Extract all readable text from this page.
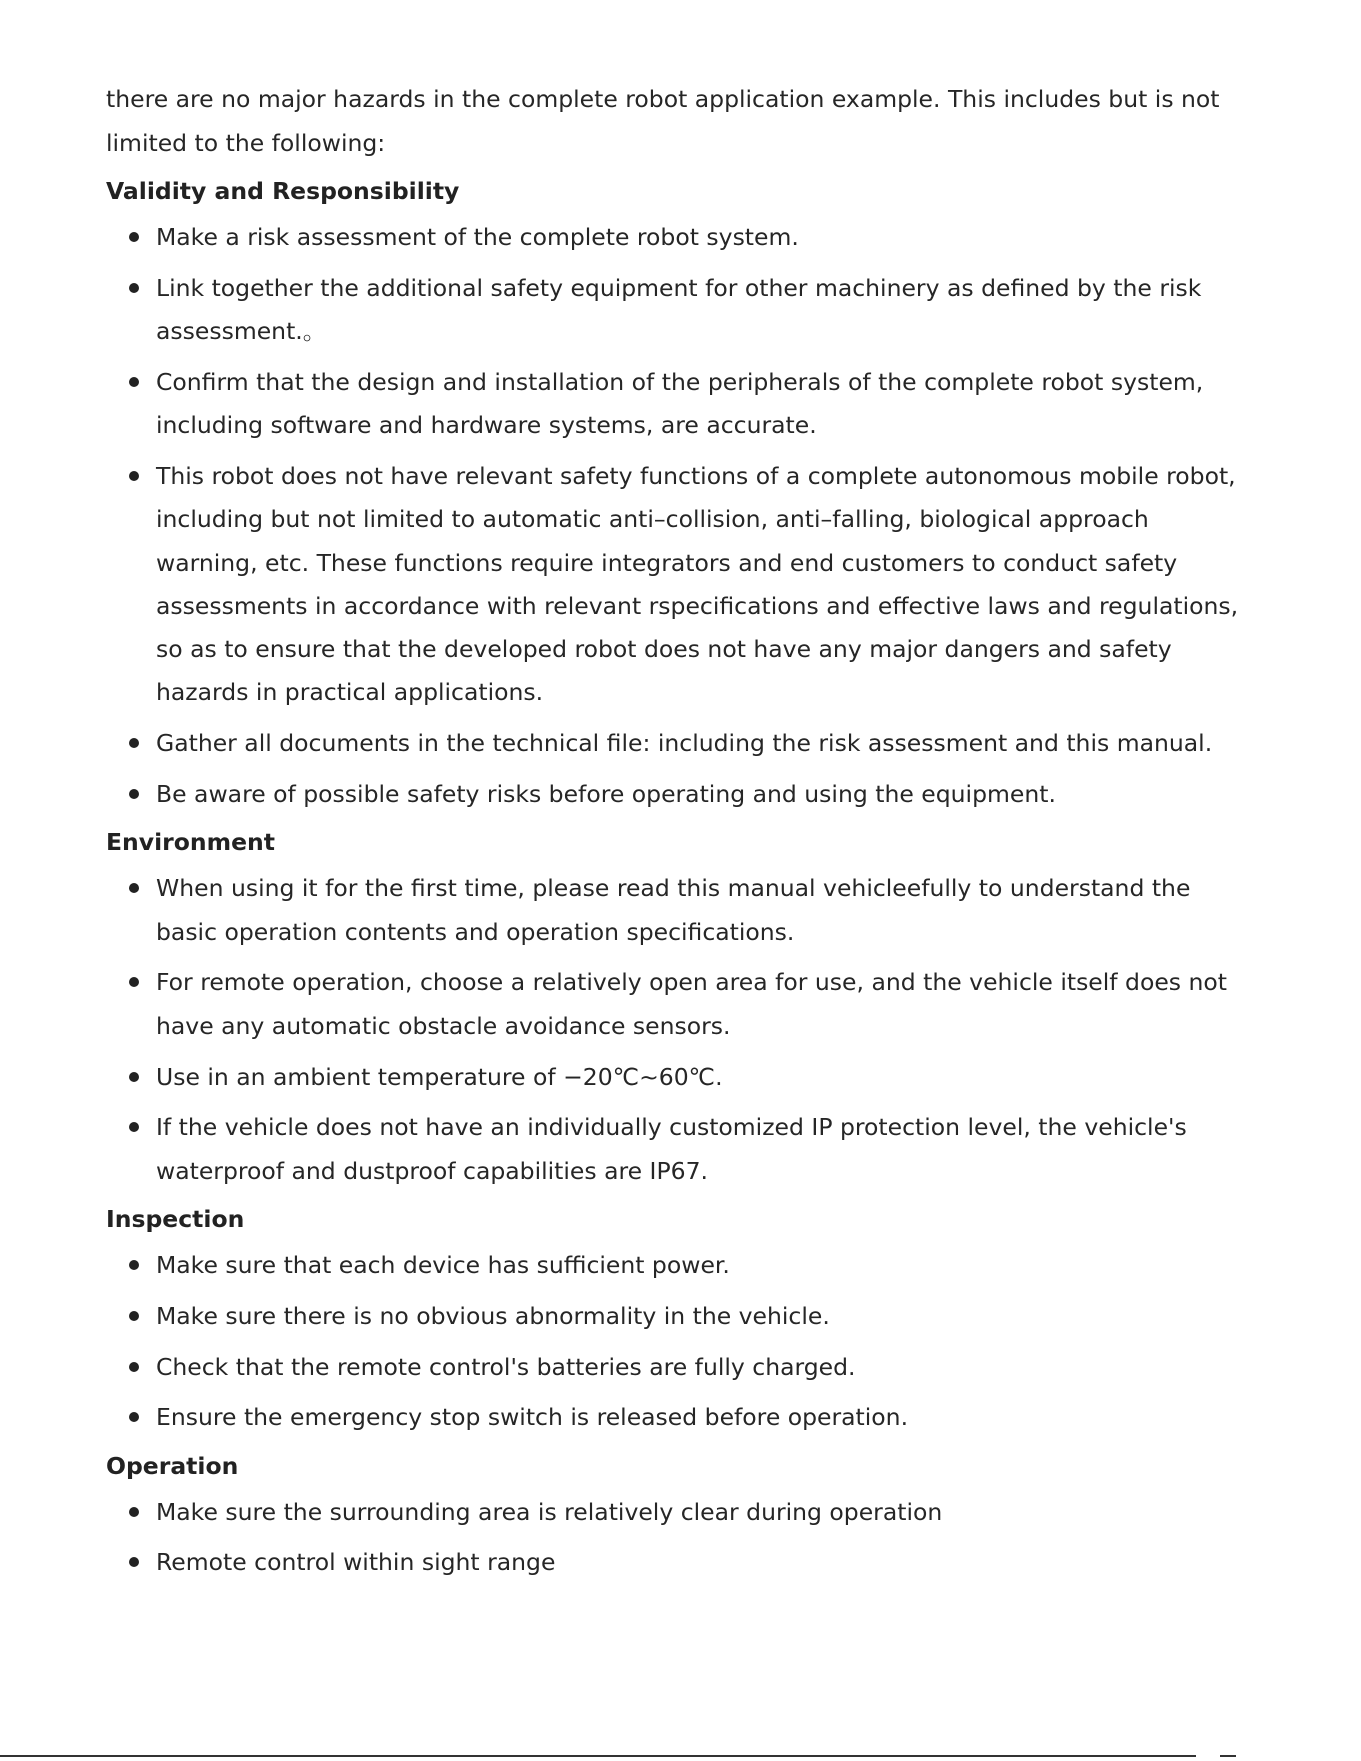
there are no major hazards in the complete robot application example. This includes but is not limited to the following:

Validity and Responsibility
Make a risk assessment of the complete robot system.
Link together the additional safety equipment for other machinery as defined by the risk assessment.。
Confirm that the design and installation of the peripherals of the complete robot system, including software and hardware systems, are accurate.
This robot does not have relevant safety functions of a complete autonomous mobile robot, including but not limited to automatic anti–collision, anti–falling, biological approach warning, etc. These functions require integrators and end customers to conduct safety assessments in accordance with relevant rspecifications and effective laws and regulations, so as to ensure that the developed robot does not have any major dangers and safety hazards in practical applications.
Gather all documents in the technical file: including the risk assessment and this manual.
Be aware of possible safety risks before operating and using the equipment.
Environment
When using it for the first time, please read this manual vehicleefully to understand the basic operation contents and operation specifications.
For remote operation, choose a relatively open area for use, and the vehicle itself does not have any automatic obstacle avoidance sensors.
Use in an ambient temperature of −20℃~60℃.
If the vehicle does not have an individually customized IP protection level, the vehicle's waterproof and dustproof capabilities are IP67.
Inspection
Make sure that each device has sufficient power.
Make sure there is no obvious abnormality in the vehicle.
Check that the remote control's batteries are fully charged.
Ensure the emergency stop switch is released before operation.
Operation
Make sure the surrounding area is relatively clear during operation
Remote control within sight range
